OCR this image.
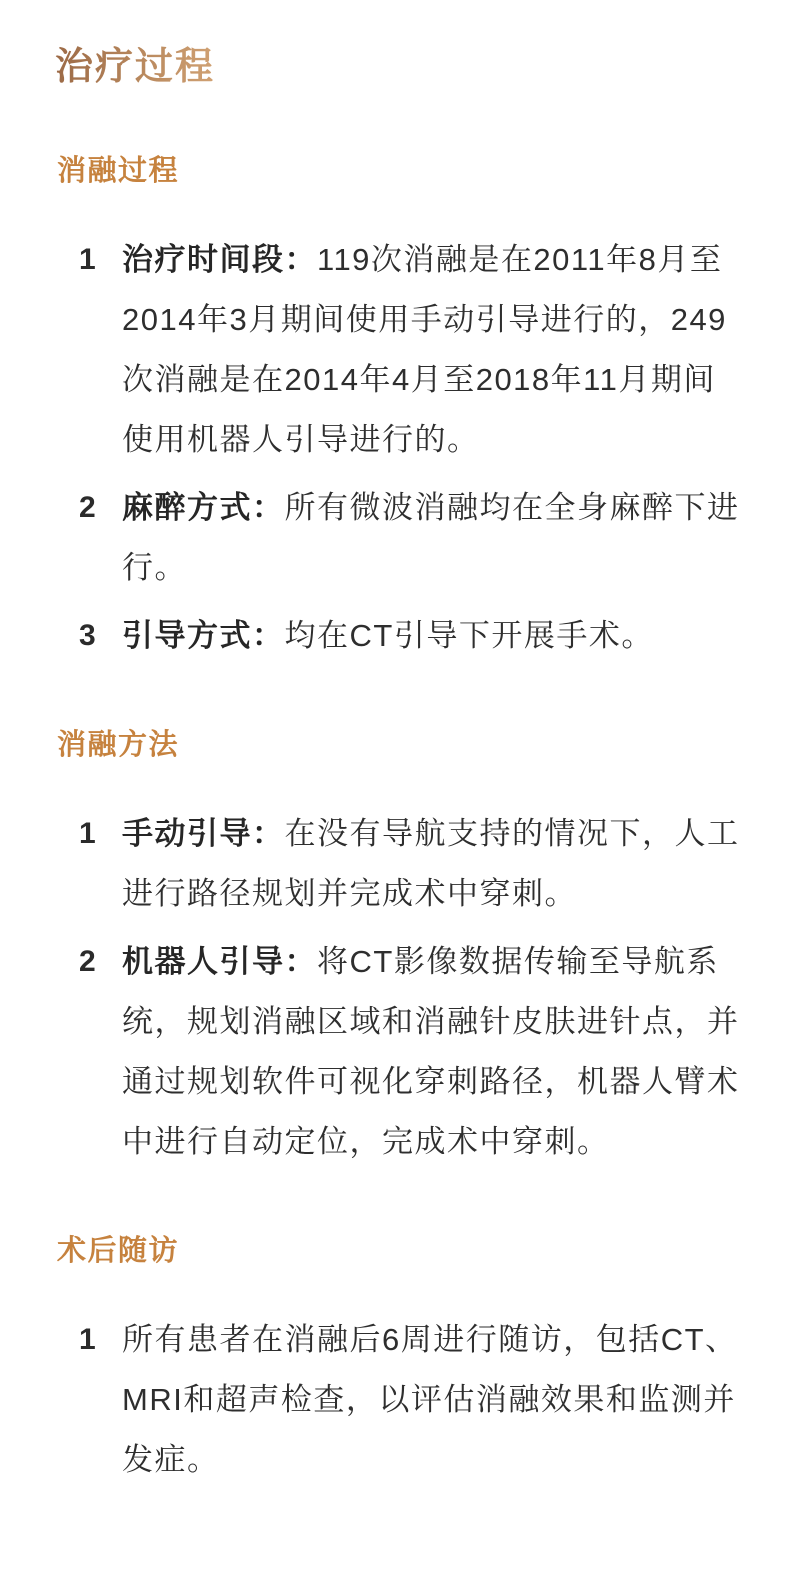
治疗过程
消融过程
1 治疗时间段：119次消融是在2011年8月至2014年3月期间使用手动引导进行的，249次消融是在2014年4月至2018年11月期间使用机器人引导进行的。

2 麻醉方式：所有微波消融均在全身麻醉下进行。

3 引导方式：均在CT引导下开展手术。

消融方法
1 手动引导：在没有导航支持的情况下，人工进行路径规划并完成术中穿刺。

2 机器人引导：将CT影像数据传输至导航系统，规划消融区域和消融针皮肤进针点，并通过规划软件可视化穿刺路径，机器人臂术中进行自动定位，完成术中穿刺。

术后随访
1 所有患者在消融后6周进行随访，包括CT、MRI和超声检查，以评估消融效果和监测并发症。
